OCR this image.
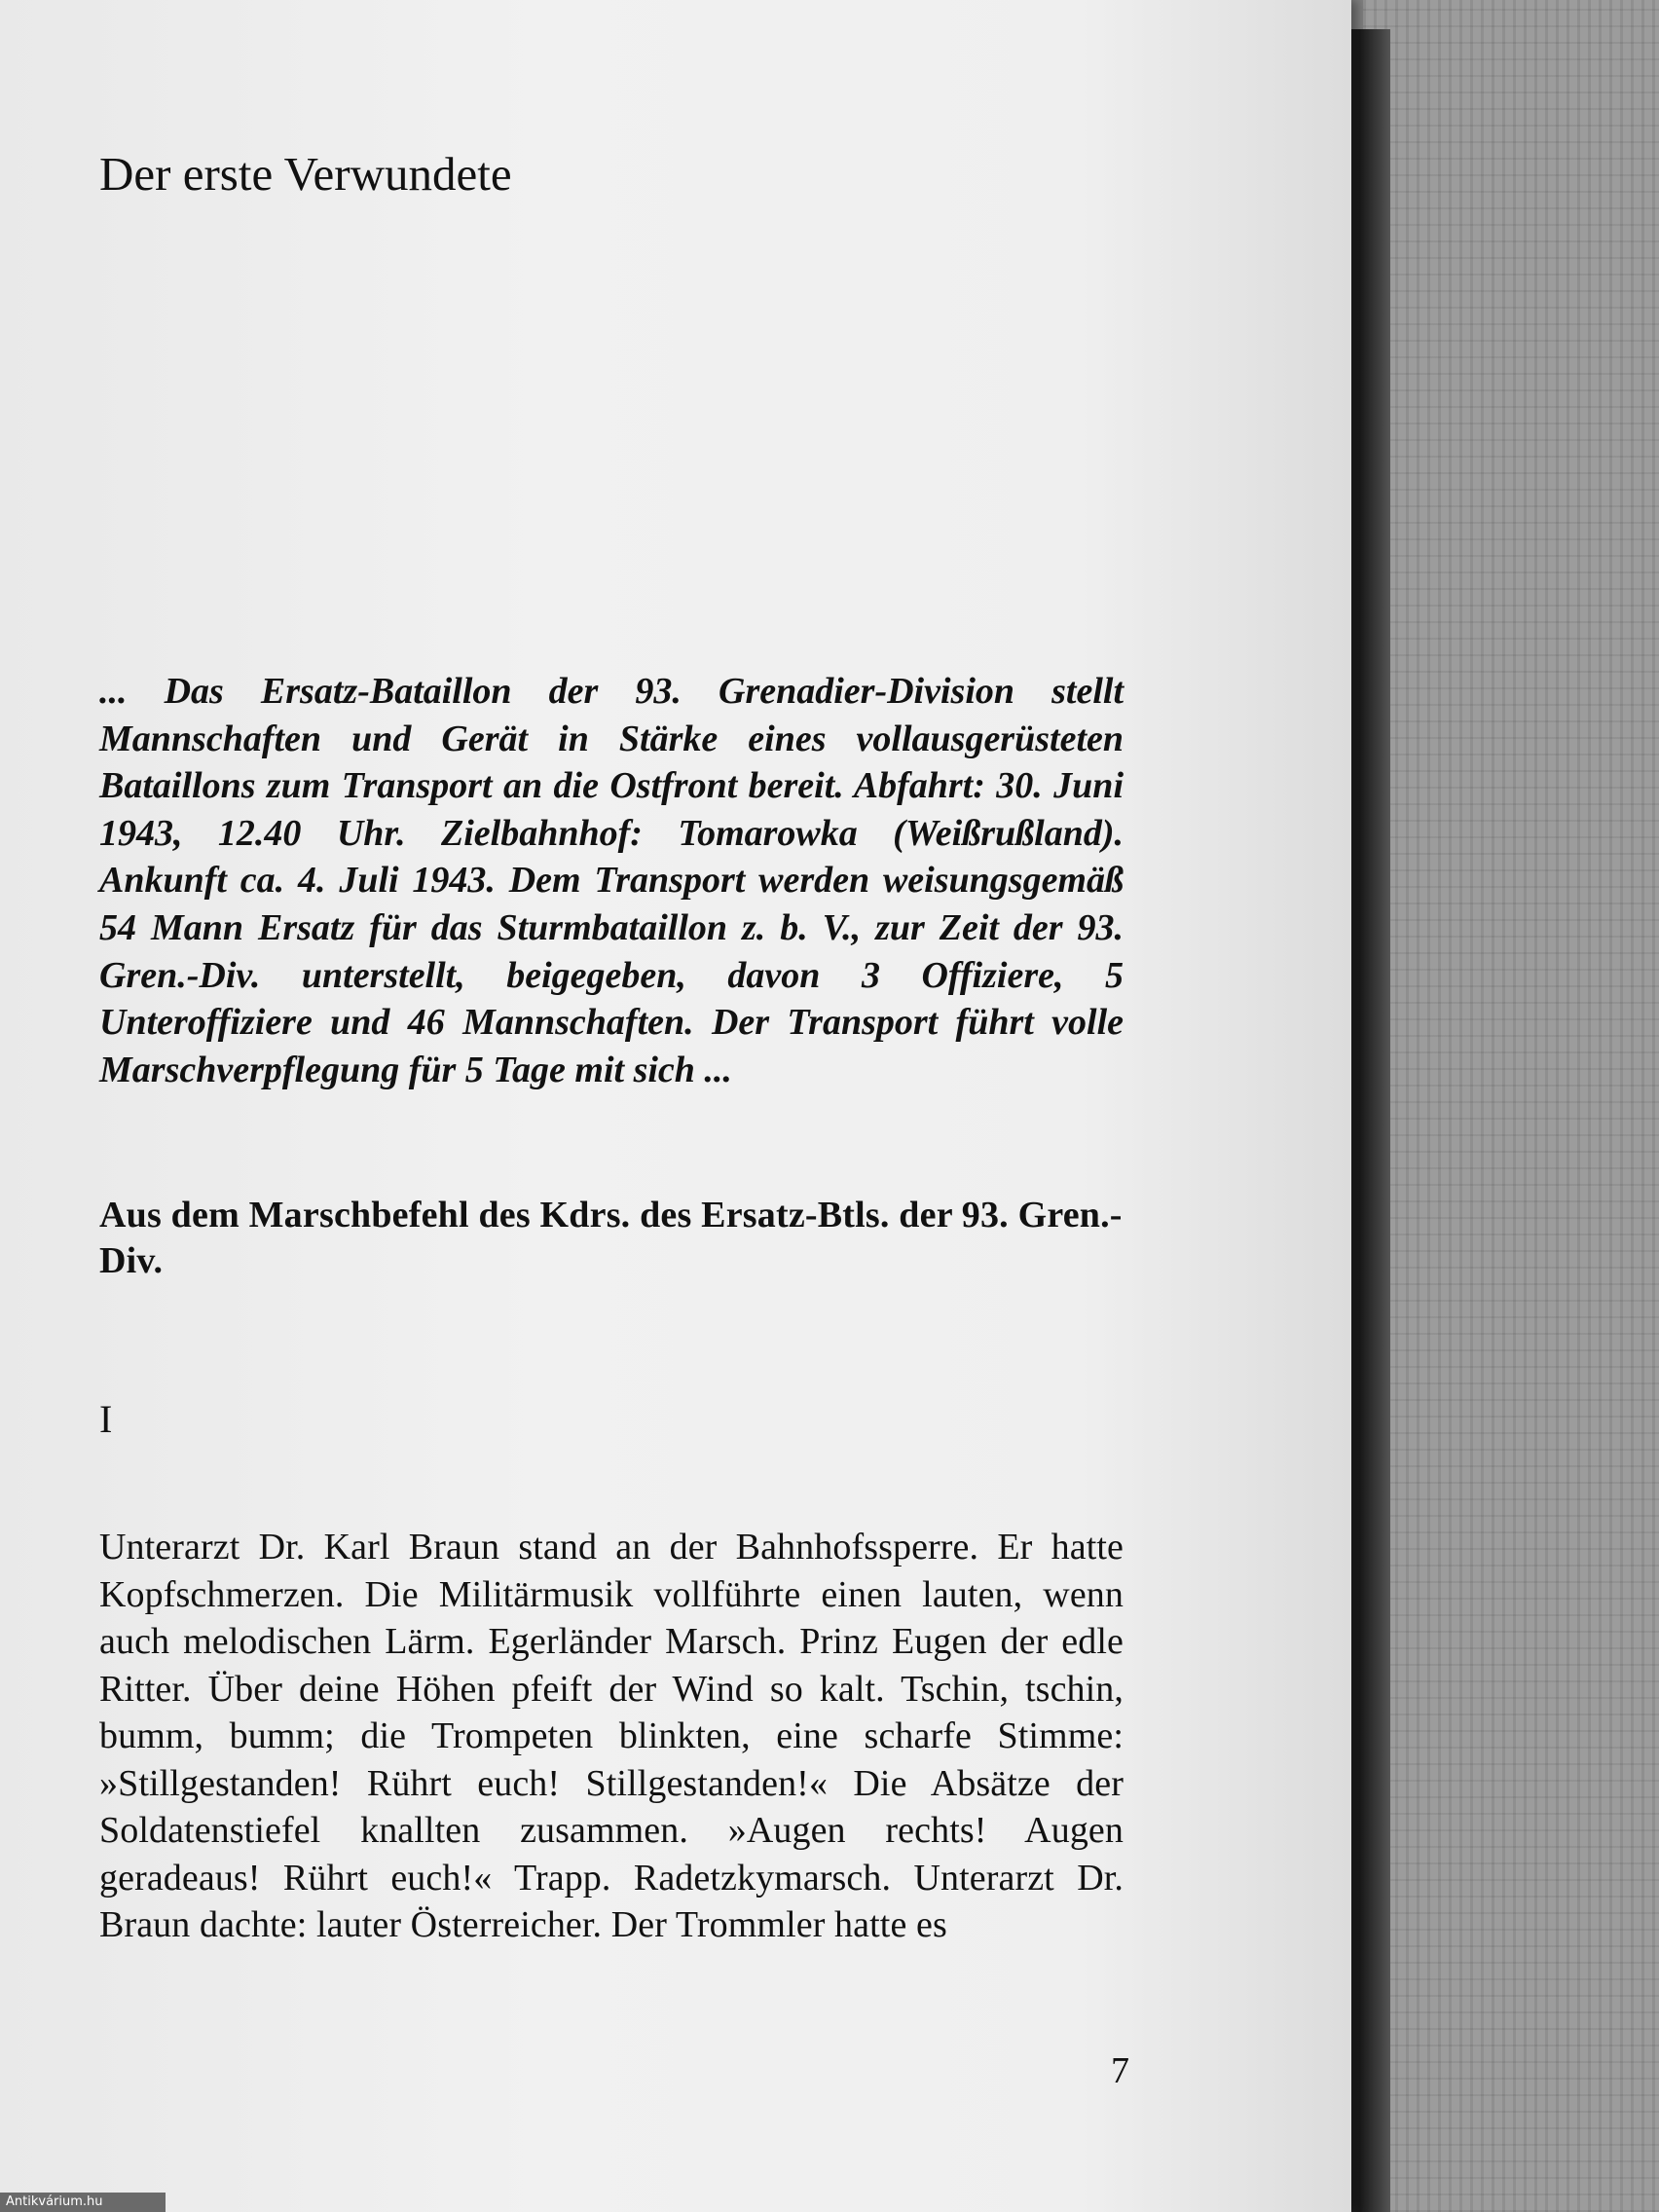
Der erste Verwundete

... Das Ersatz-Bataillon der 93. Grenadier-Division stellt Mannschaften und Gerät in Stärke eines vollausgerüsteten Bataillons zum Transport an die Ostfront bereit. Abfahrt: 30. Juni 1943, 12.40 Uhr. Zielbahnhof: Tomarowka (Weißrußland). Ankunft ca. 4. Juli 1943. Dem Transport werden weisungsgemäß 54 Mann Ersatz für das Sturmbataillon z. b. V., zur Zeit der 93. Gren.-Div. unterstellt, beigegeben, davon 3 Offiziere, 5 Unteroffiziere und 46 Mannschaften. Der Transport führt volle Marschverpflegung für 5 Tage mit sich ...

Aus dem Marschbefehl des Kdrs. des Ersatz-Btls. der 93. Gren.-Div.
I

Unterarzt Dr. Karl Braun stand an der Bahnhofssperre. Er hatte Kopfschmerzen. Die Militärmusik vollführte einen lauten, wenn auch melodischen Lärm. Egerländer Marsch. Prinz Eugen der edle Ritter. Über deine Höhen pfeift der Wind so kalt. Tschin, tschin, bumm, bumm; die Trompeten blinkten, eine scharfe Stimme: »Stillgestanden! Rührt euch! Stillgestanden!« Die Absätze der Soldatenstiefel knallten zusammen. »Augen rechts! Augen geradeaus! Rührt euch!« Trapp. Radetzkymarsch. Unterarzt Dr. Braun dachte: lauter Österreicher. Der Trommler hatte es

7
Antikvárium.hu
